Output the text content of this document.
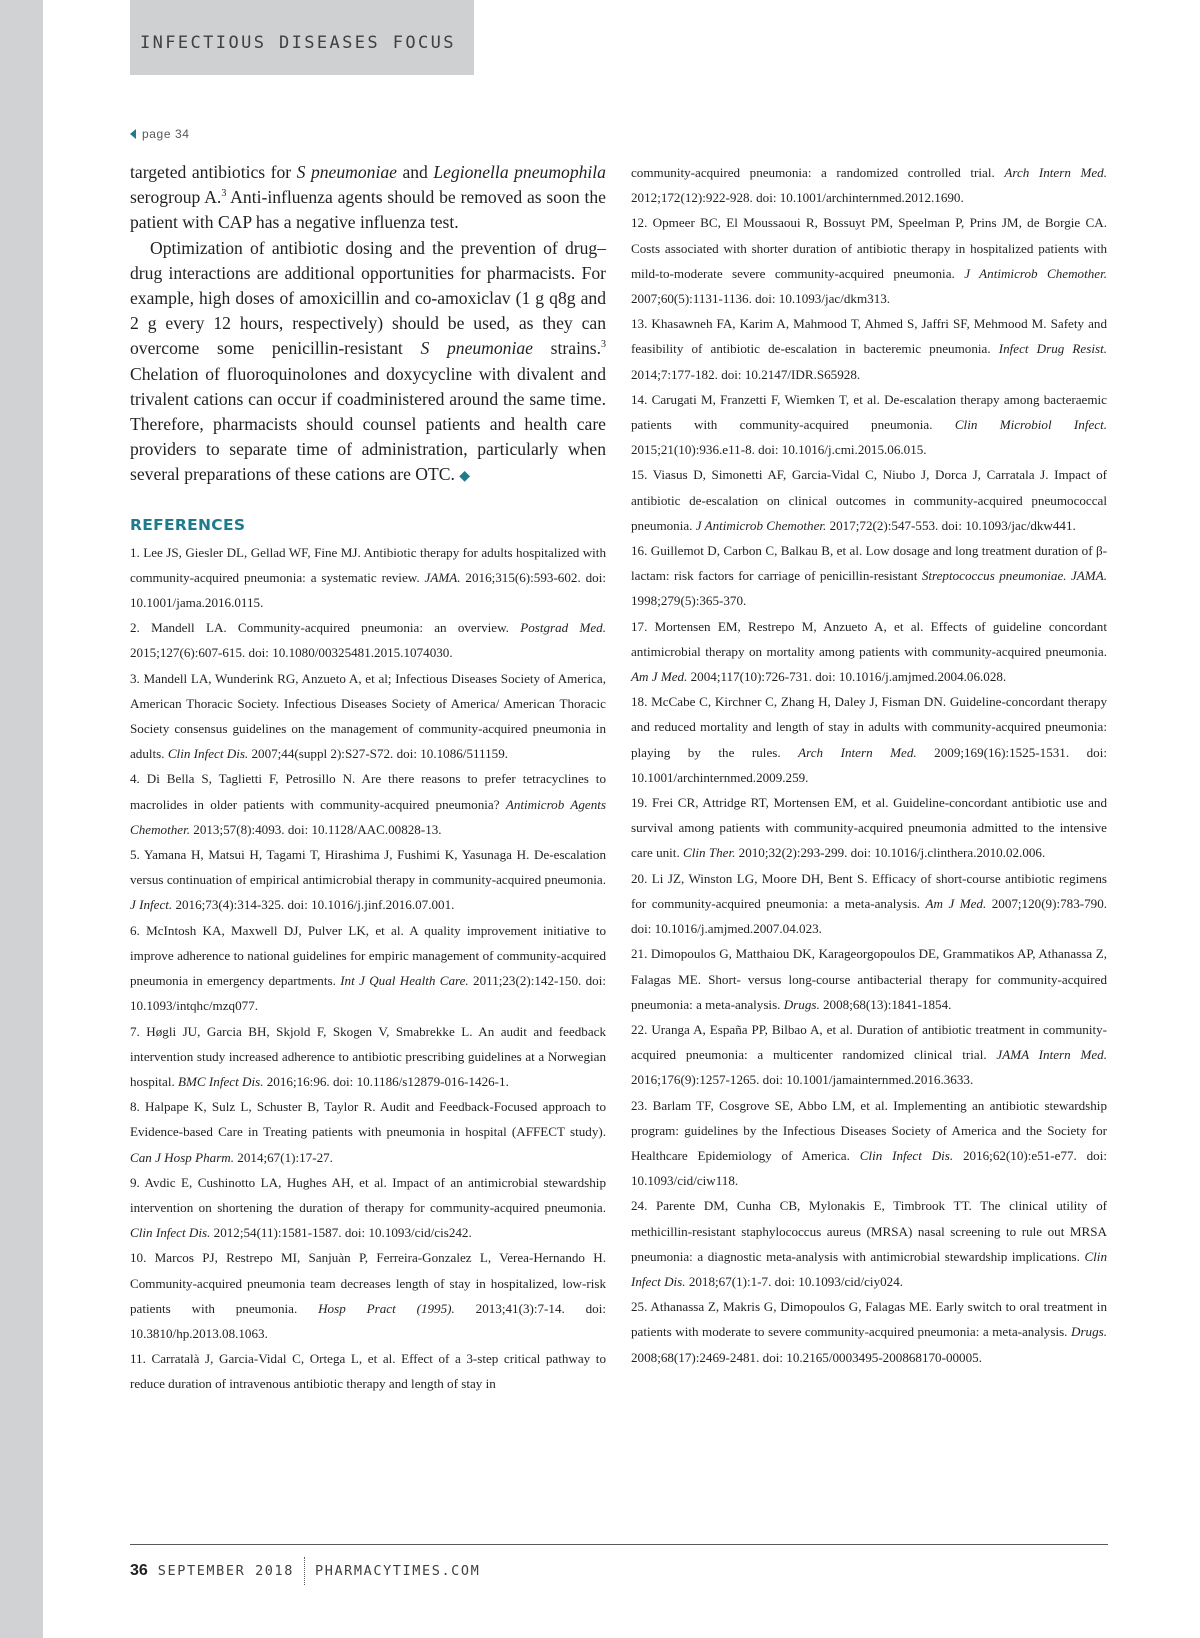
INFECTIOUS DISEASES FOCUS
page 34

targeted antibiotics for S pneumoniae and Legionella pneumophila serogroup A.$^3$ Anti-influenza agents should be removed as soon the patient with CAP has a negative influenza test.

Optimization of antibiotic dosing and the prevention of drug–drug interactions are additional opportunities for pharmacists. For example, high doses of amoxicillin and co-amoxiclav (1 g q8g and 2 g every 12 hours, respectively) should be used, as they can overcome some penicillin-resistant S pneumoniae strains.$^3$ Chelation of fluoroquinolones and doxycycline with divalent and trivalent cations can occur if coadministered around the same time. Therefore, pharmacists should counsel patients and health care providers to separate time of administration, particularly when several preparations of these cations are OTC. ◆

REFERENCES

1. Lee JS, Giesler DL, Gellad WF, Fine MJ. Antibiotic therapy for adults hospitalized with community-acquired pneumonia: a systematic review. JAMA. 2016;315(6):593-602. doi: 10.1001/jama.2016.0115.

2. Mandell LA. Community-acquired pneumonia: an overview. Postgrad Med. 2015;127(6):607-615. doi: 10.1080/00325481.2015.1074030.

3. Mandell LA, Wunderink RG, Anzueto A, et al; Infectious Diseases Society of America, American Thoracic Society. Infectious Diseases Society of America/ American Thoracic Society consensus guidelines on the management of community-acquired pneumonia in adults. Clin Infect Dis. 2007;44(suppl 2):S27-S72. doi: 10.1086/511159.

4. Di Bella S, Taglietti F, Petrosillo N. Are there reasons to prefer tetracyclines to macrolides in older patients with community-acquired pneumonia? Antimicrob Agents Chemother. 2013;57(8):4093. doi: 10.1128/AAC.00828-13.

5. Yamana H, Matsui H, Tagami T, Hirashima J, Fushimi K, Yasunaga H. De-escalation versus continuation of empirical antimicrobial therapy in community-acquired pneumonia. J Infect. 2016;73(4):314-325. doi: 10.1016/j.jinf.2016.07.001.

6. McIntosh KA, Maxwell DJ, Pulver LK, et al. A quality improvement initiative to improve adherence to national guidelines for empiric management of community-acquired pneumonia in emergency departments. Int J Qual Health Care. 2011;23(2):142-150. doi: 10.1093/intqhc/mzq077.

7. Høgli JU, Garcia BH, Skjold F, Skogen V, Smabrekke L. An audit and feedback intervention study increased adherence to antibiotic prescribing guidelines at a Norwegian hospital. BMC Infect Dis. 2016;16:96. doi: 10.1186/s12879-016-1426-1.

8. Halpape K, Sulz L, Schuster B, Taylor R. Audit and Feedback-Focused approach to Evidence-based Care in Treating patients with pneumonia in hospital (AFFECT study). Can J Hosp Pharm. 2014;67(1):17-27.

9. Avdic E, Cushinotto LA, Hughes AH, et al. Impact of an antimicrobial stewardship intervention on shortening the duration of therapy for community-acquired pneumonia. Clin Infect Dis. 2012;54(11):1581-1587. doi: 10.1093/cid/cis242.

10. Marcos PJ, Restrepo MI, Sanjuàn P, Ferreira-Gonzalez L, Verea-Hernando H. Community-acquired pneumonia team decreases length of stay in hospitalized, low-risk patients with pneumonia. Hosp Pract (1995). 2013;41(3):7-14. doi: 10.3810/hp.2013.08.1063.

11. Carratalà J, Garcia-Vidal C, Ortega L, et al. Effect of a 3-step critical pathway to reduce duration of intravenous antibiotic therapy and length of stay in

community-acquired pneumonia: a randomized controlled trial. Arch Intern Med. 2012;172(12):922-928. doi: 10.1001/archinternmed.2012.1690.

12. Opmeer BC, El Moussaoui R, Bossuyt PM, Speelman P, Prins JM, de Borgie CA. Costs associated with shorter duration of antibiotic therapy in hospitalized patients with mild-to-moderate severe community-acquired pneumonia. J Antimicrob Chemother. 2007;60(5):1131-1136. doi: 10.1093/jac/dkm313.

13. Khasawneh FA, Karim A, Mahmood T, Ahmed S, Jaffri SF, Mehmood M. Safety and feasibility of antibiotic de-escalation in bacteremic pneumonia. Infect Drug Resist. 2014;7:177-182. doi: 10.2147/IDR.S65928.

14. Carugati M, Franzetti F, Wiemken T, et al. De-escalation therapy among bacteraemic patients with community-acquired pneumonia. Clin Microbiol Infect. 2015;21(10):936.e11-8. doi: 10.1016/j.cmi.2015.06.015.

15. Viasus D, Simonetti AF, Garcia-Vidal C, Niubo J, Dorca J, Carratala J. Impact of antibiotic de-escalation on clinical outcomes in community-acquired pneumococcal pneumonia. J Antimicrob Chemother. 2017;72(2):547-553. doi: 10.1093/jac/dkw441.

16. Guillemot D, Carbon C, Balkau B, et al. Low dosage and long treatment duration of β-lactam: risk factors for carriage of penicillin-resistant Streptococcus pneumoniae. JAMA. 1998;279(5):365-370.

17. Mortensen EM, Restrepo M, Anzueto A, et al. Effects of guideline concordant antimicrobial therapy on mortality among patients with community-acquired pneumonia. Am J Med. 2004;117(10):726-731. doi: 10.1016/j.amjmed.2004.06.028.

18. McCabe C, Kirchner C, Zhang H, Daley J, Fisman DN. Guideline-concordant therapy and reduced mortality and length of stay in adults with community-acquired pneumonia: playing by the rules. Arch Intern Med. 2009;169(16):1525-1531. doi: 10.1001/archinternmed.2009.259.

19. Frei CR, Attridge RT, Mortensen EM, et al. Guideline-concordant antibiotic use and survival among patients with community-acquired pneumonia admitted to the intensive care unit. Clin Ther. 2010;32(2):293-299. doi: 10.1016/j.clinthera.2010.02.006.

20. Li JZ, Winston LG, Moore DH, Bent S. Efficacy of short-course antibiotic regimens for community-acquired pneumonia: a meta-analysis. Am J Med. 2007;120(9):783-790. doi: 10.1016/j.amjmed.2007.04.023.

21. Dimopoulos G, Matthaiou DK, Karageorgopoulos DE, Grammatikos AP, Athanassa Z, Falagas ME. Short- versus long-course antibacterial therapy for community-acquired pneumonia: a meta-analysis. Drugs. 2008;68(13):1841-1854.

22. Uranga A, España PP, Bilbao A, et al. Duration of antibiotic treatment in community-acquired pneumonia: a multicenter randomized clinical trial. JAMA Intern Med. 2016;176(9):1257-1265. doi: 10.1001/jamainternmed.2016.3633.

23. Barlam TF, Cosgrove SE, Abbo LM, et al. Implementing an antibiotic stewardship program: guidelines by the Infectious Diseases Society of America and the Society for Healthcare Epidemiology of America. Clin Infect Dis. 2016;62(10):e51-e77. doi: 10.1093/cid/ciw118.

24. Parente DM, Cunha CB, Mylonakis E, Timbrook TT. The clinical utility of methicillin-resistant staphylococcus aureus (MRSA) nasal screening to rule out MRSA pneumonia: a diagnostic meta-analysis with antimicrobial stewardship implications. Clin Infect Dis. 2018;67(1):1-7. doi: 10.1093/cid/ciy024.

25. Athanassa Z, Makris G, Dimopoulos G, Falagas ME. Early switch to oral treatment in patients with moderate to severe community-acquired pneumonia: a meta-analysis. Drugs. 2008;68(17):2469-2481. doi: 10.2165/0003495-200868170-00005.

36 SEPTEMBER 2018 PHARMACYTIMES.COM
